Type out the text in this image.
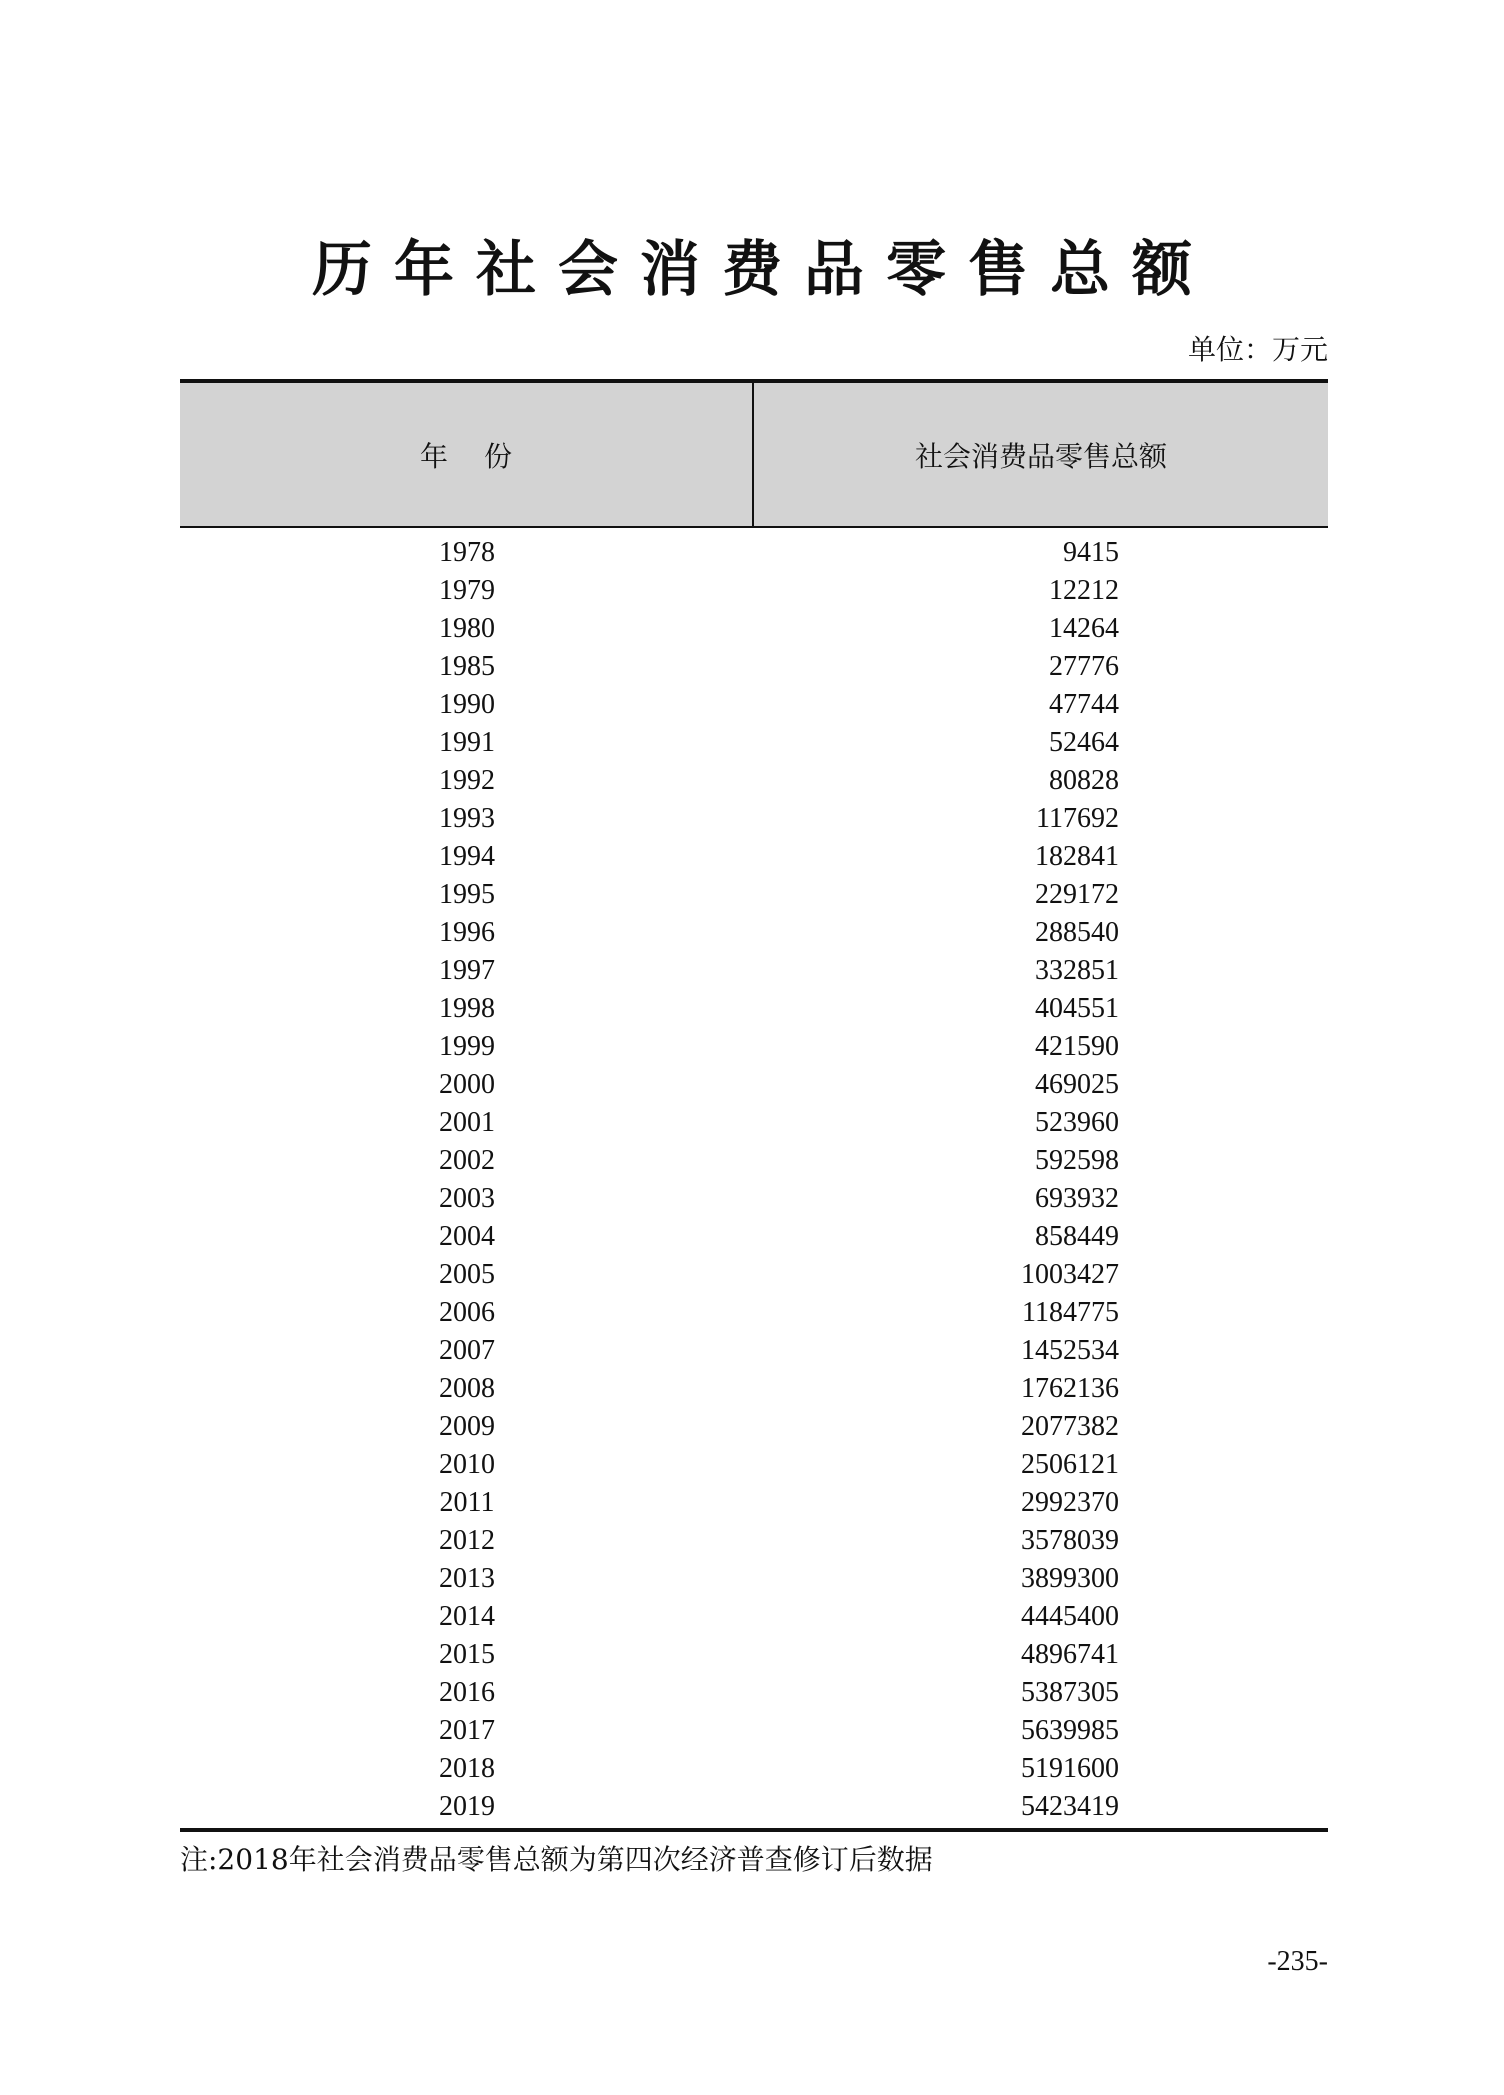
历年社会消费品零售总额
单位：万元
年份	社会消费品零售总额
1978	9415
1979	12212
1980	14264
1985	27776
1990	47744
1991	52464
1992	80828
1993	117692
1994	182841
1995	229172
1996	288540
1997	332851
1998	404551
1999	421590
2000	469025
2001	523960
2002	592598
2003	693932
2004	858449
2005	1003427
2006	1184775
2007	1452534
2008	1762136
2009	2077382
2010	2506121
2011	2992370
2012	3578039
2013	3899300
2014	4445400
2015	4896741
2016	5387305
2017	5639985
2018	5191600
2019	5423419
注:2018年社会消费品零售总额为第四次经济普查修订后数据
-235-
